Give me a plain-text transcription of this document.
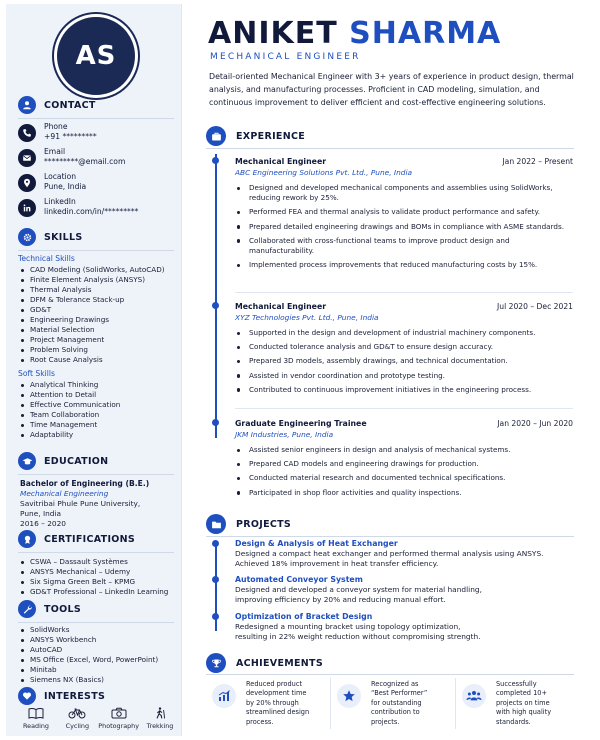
AS
CONTACT
Phone
+91 *********
Email
*********@email.com
Location
Pune, India
LinkedIn
linkedin.com/in/*********
SKILLS
Technical Skills
CAD Modeling (SolidWorks, AutoCAD)
Finite Element Analysis (ANSYS)
Thermal Analysis
DFM & Tolerance Stack-up
GD&T
Engineering Drawings
Material Selection
Project Management
Problem Solving
Root Cause Analysis
Soft Skills
Analytical Thinking
Attention to Detail
Effective Communication
Team Collaboration
Time Management
Adaptability
EDUCATION
Bachelor of Engineering (B.E.)
Mechanical Engineering
Savitribai Phule Pune University,
Pune, India
2016 – 2020
CERTIFICATIONS
CSWA – Dassault Systèmes
ANSYS Mechanical – Udemy
Six Sigma Green Belt – KPMG
GD&T Professional – LinkedIn Learning
TOOLS
SolidWorks
ANSYS Workbench
AutoCAD
MS Office (Excel, Word, PowerPoint)
Minitab
Siemens NX (Basics)
INTERESTS
Reading	Cycling Photography Trekking
ANIKET SHARMA
MECHANICAL ENGINEER

Detail-oriented Mechanical Engineer with 3+ years of experience in product design, thermal analysis, and manufacturing processes. Proficient in CAD modeling, simulation, and continuous improvement to deliver efficient and cost-effective engineering solutions.

EXPERIENCE
Mechanical Engineer	Jan 2022 – Present
ABC Engineering Solutions Pvt. Ltd., Pune, India
Designed and developed mechanical components and assemblies using SolidWorks, reducing rework by 25%.
Performed FEA and thermal analysis to validate product performance and safety.
Prepared detailed engineering drawings and BOMs in compliance with ASME standards.
Collaborated with cross-functional teams to improve product design and manufacturability.
Implemented process improvements that reduced manufacturing costs by 15%.
Mechanical Engineer	Jul 2020 – Dec 2021
XYZ Technologies Pvt. Ltd., Pune, India
Supported in the design and development of industrial machinery components.
Conducted tolerance analysis and GD&T to ensure design accuracy.
Prepared 3D models, assembly drawings, and technical documentation.
Assisted in vendor coordination and prototype testing.
Contributed to continuous improvement initiatives in the engineering process.
Graduate Engineering Trainee	Jan 2020 – Jun 2020
JKM Industries, Pune, India
Assisted senior engineers in design and analysis of mechanical systems.
Prepared CAD models and engineering drawings for production.
Conducted material research and documented technical specifications.
Participated in shop floor activities and quality inspections.
PROJECTS
Design & Analysis of Heat Exchanger
Designed a compact heat exchanger and performed thermal analysis using ANSYS.
Achieved 18% improvement in heat transfer efficiency.
Automated Conveyor System
Designed and developed a conveyor system for material handling,
improving efficiency by 20% and reducing manual effort.
Optimization of Bracket Design
Redesigned a mounting bracket using topology optimization,
resulting in 22% weight reduction without compromising strength.
ACHIEVEMENTS
Reduced product
development time
by 20% through
streamlined design
process.
Recognized as
“Best Performer”
for outstanding
contribution to
projects.
Successfully
completed 10+
projects on time
with high quality
standards.
